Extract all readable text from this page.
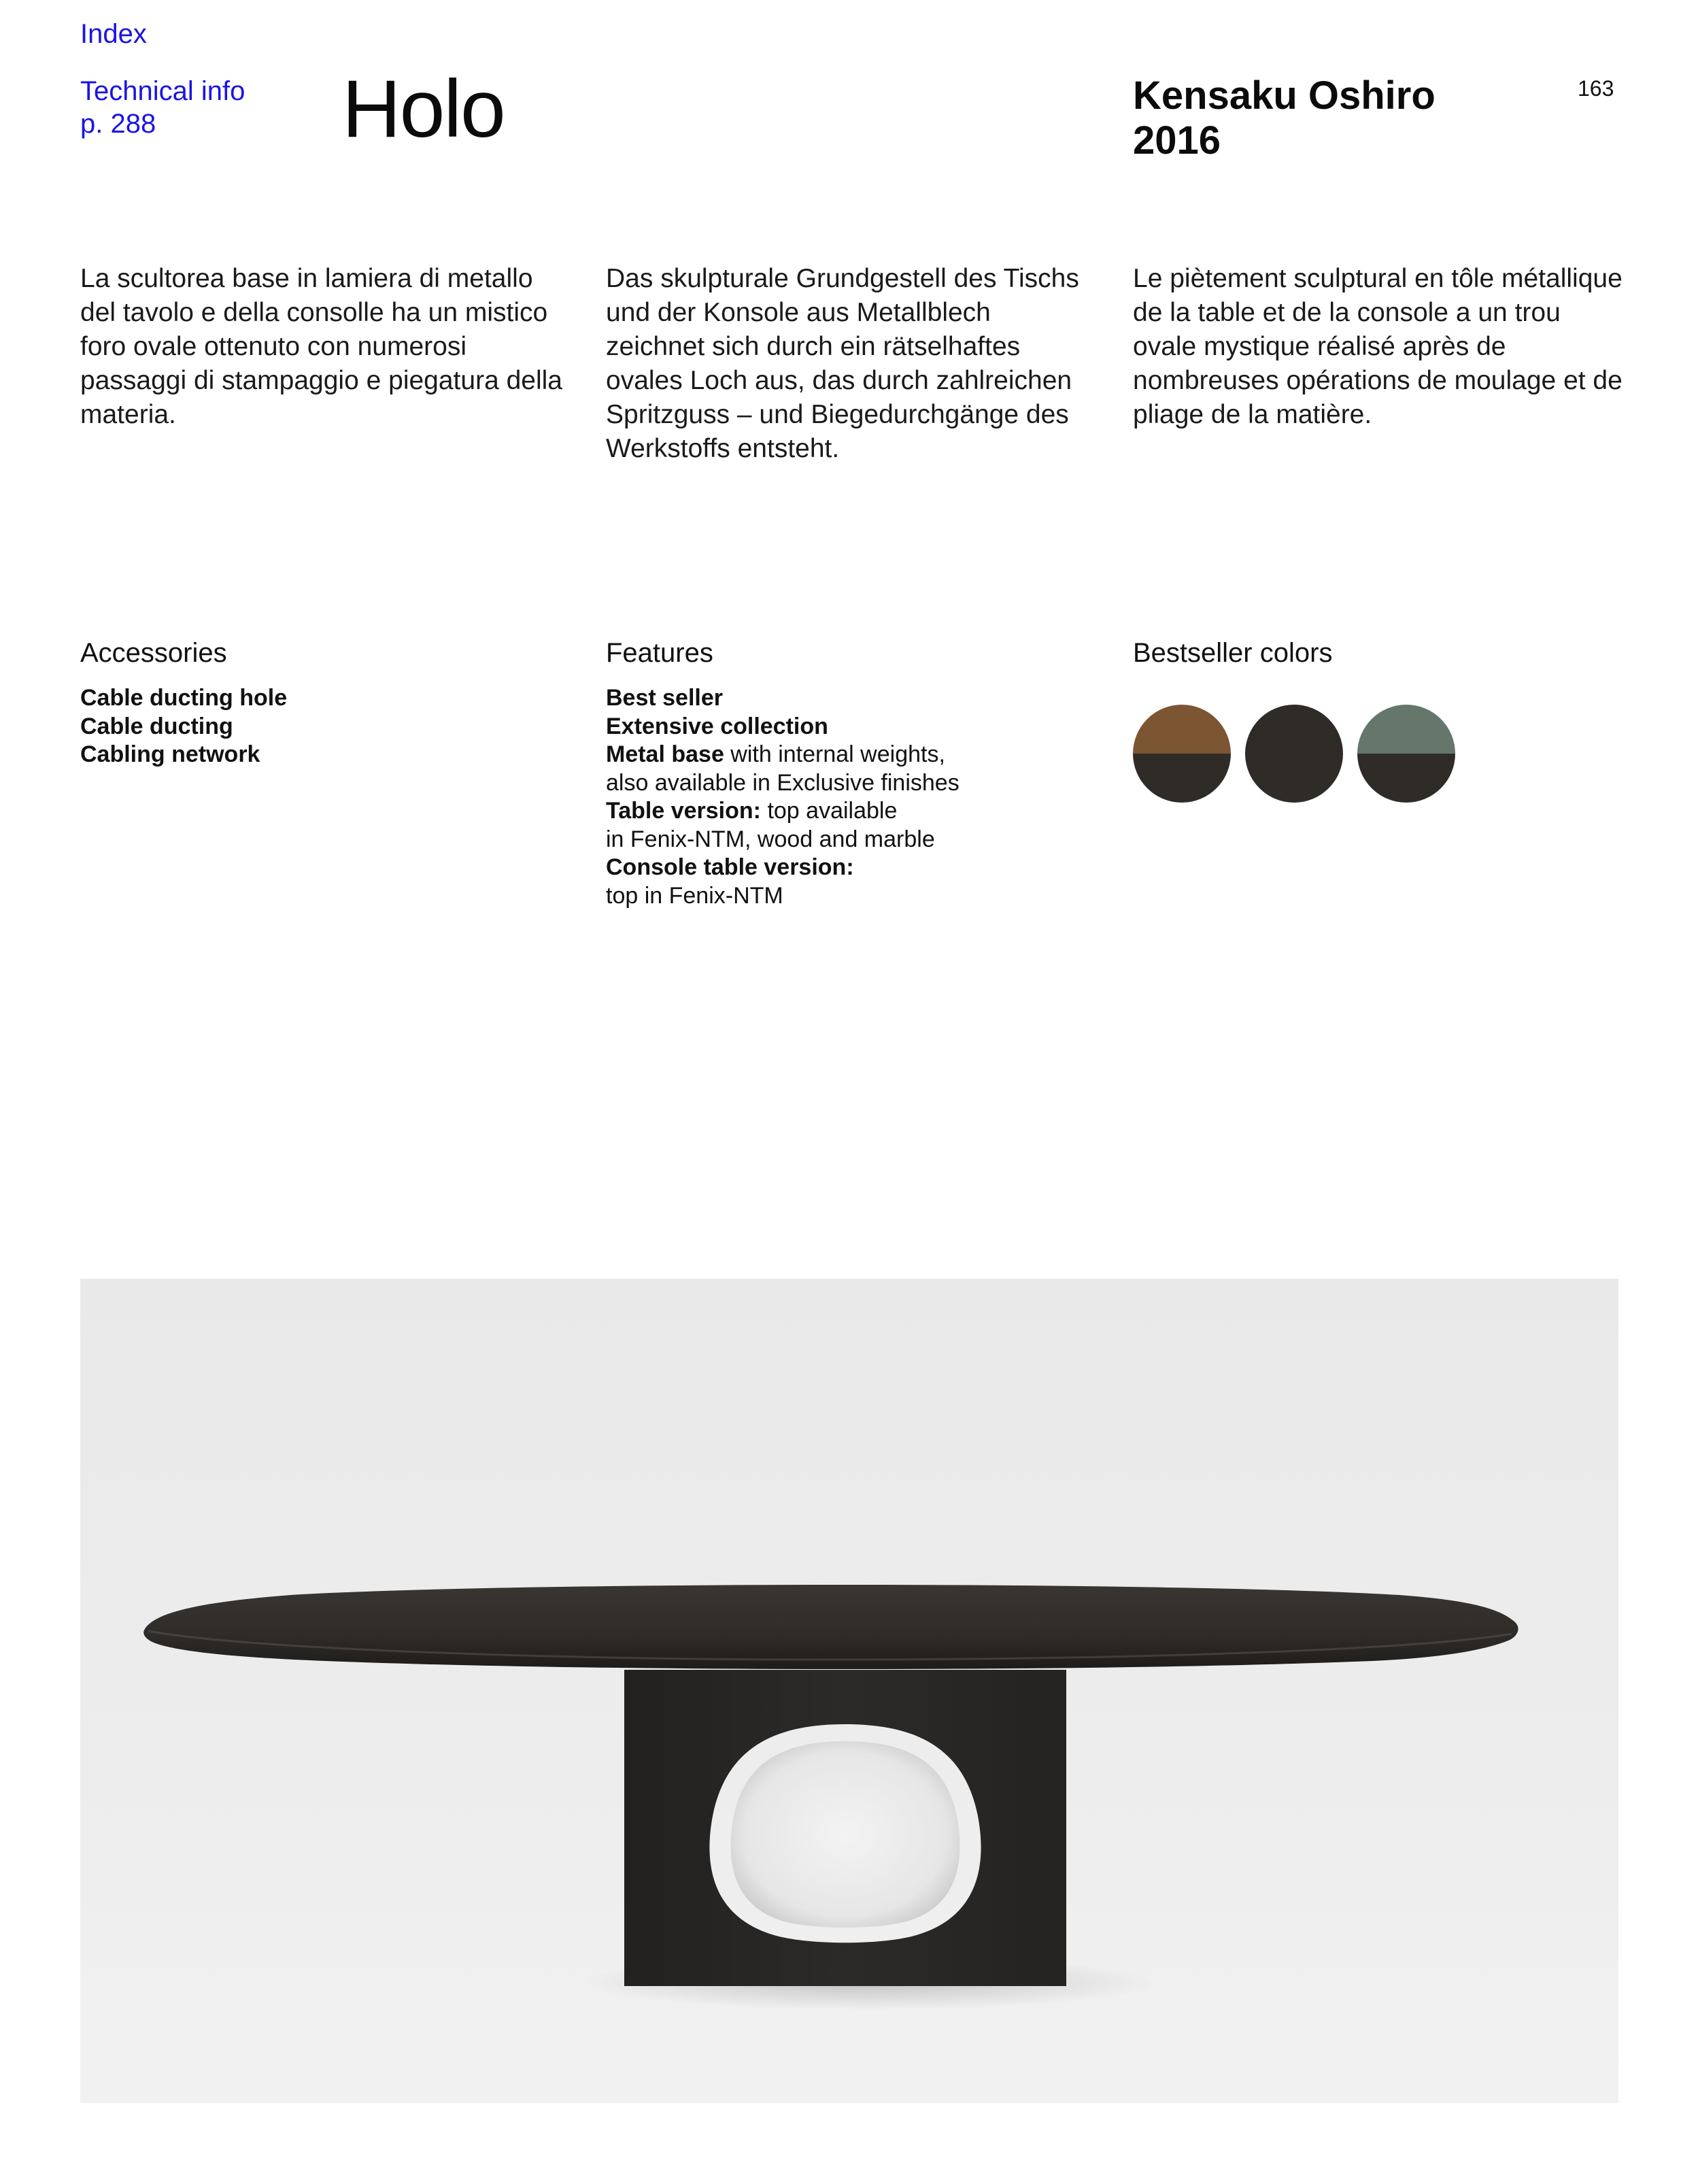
Index
Technical info
p. 288	Holo	Kensaku Oshiro
2016
163
La scultorea base in lamiera di metallo del tavolo e della consolle ha un mistico foro ovale ottenuto con numerosi passaggi di stampaggio e piegatura della materia.
Das skulpturale Grundgestell des Tischs und der Konsole aus Metallblech zeichnet sich durch ein rätselhaftes ovales Loch aus, das durch zahlreichen Spritzguss – und Biegedurchgänge des Werkstoffs entsteht.
Le piètement sculptural en tôle métallique de la table et de la console a un trou ovale mystique réalisé après de nombreuses opérations de moulage et de pliage de la matière.
Accessories	Features	Bestseller colors
Cable ducting hole
Cable ducting
Cabling network
Best seller
Extensive collection
Metal base with internal weights,
also available in Exclusive finishes
Table version: top available
in Fenix-NTM, wood and marble
Console table version:
top in Fenix-NTM
